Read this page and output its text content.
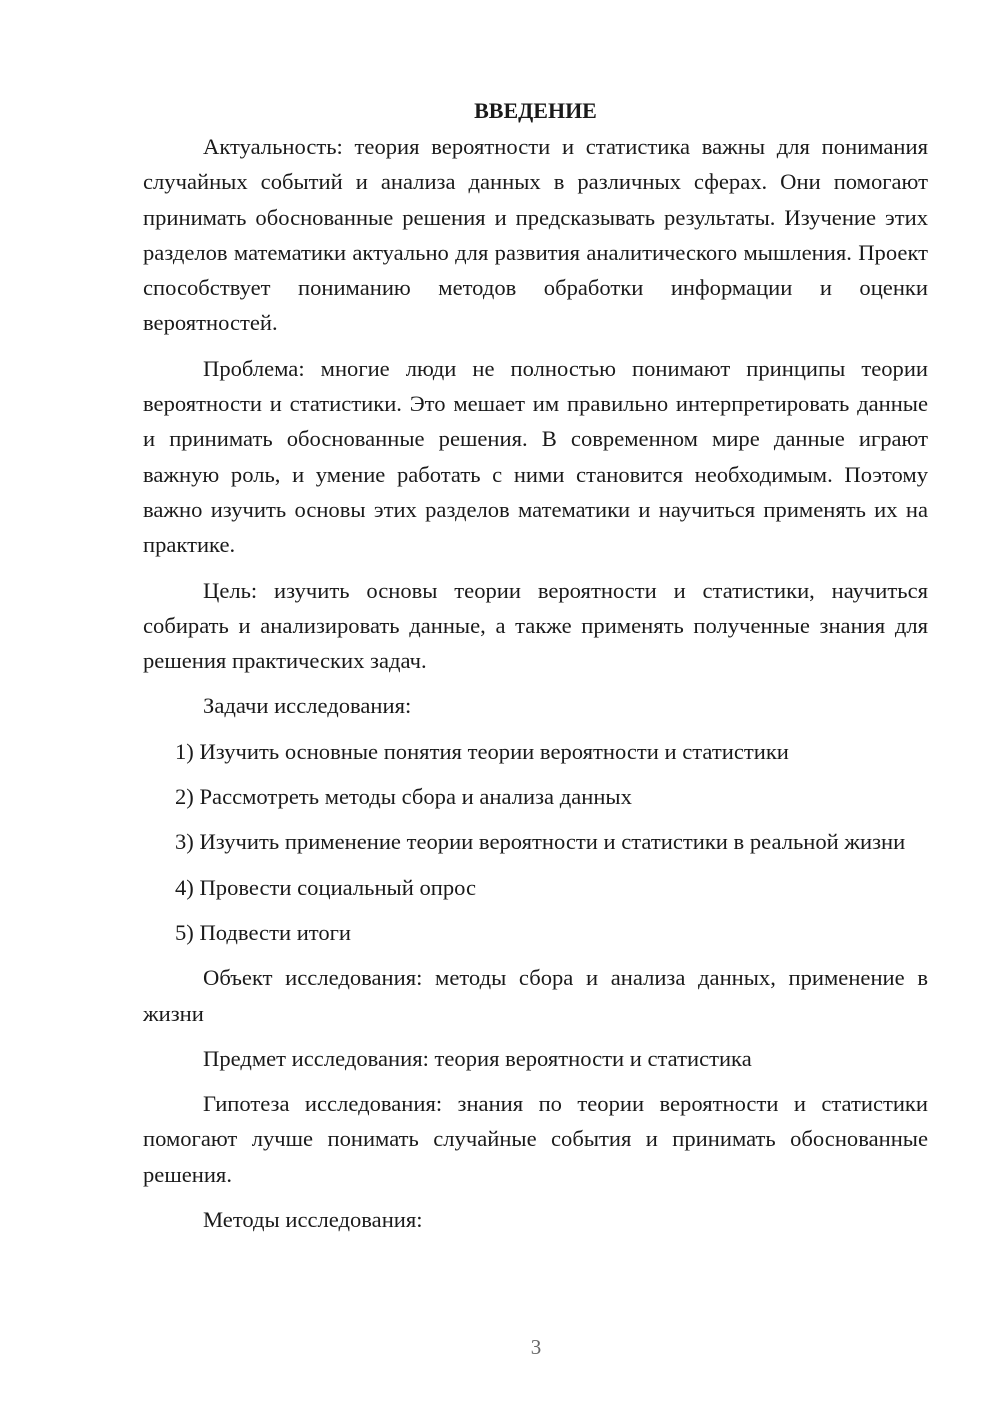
ВВЕДЕНИЕ

Актуальность: теория вероятности и статистика важны для понимания случайных событий и анализа данных в различных сферах. Они помогают принимать обоснованные решения и предсказывать результаты. Изучение этих разделов математики актуально для развития аналитического мышления. Проект способствует пониманию методов обработки информации и оценки вероятностей.

Проблема: многие люди не полностью понимают принципы теории вероятности и статистики. Это мешает им правильно интерпретировать данные и принимать обоснованные решения. В современном мире данные играют важную роль, и умение работать с ними становится необходимым. Поэтому важно изучить основы этих разделов математики и научиться применять их на практике.

Цель: изучить основы теории вероятности и статистики, научиться собирать и анализировать данные, а также применять полученные знания для решения практических задач.

Задачи исследования:

1) Изучить основные понятия теории вероятности и статистики

2) Рассмотреть методы сбора и анализа данных

3) Изучить применение теории вероятности и статистики в реальной жизни

4) Провести социальный опрос

5) Подвести итоги

Объект исследования: методы сбора и анализа данных, применение в жизни

Предмет исследования: теория вероятности и статистика

Гипотеза исследования: знания по теории вероятности и статистики помогают лучше понимать случайные события и принимать обоснованные решения.

Методы исследования:

3
